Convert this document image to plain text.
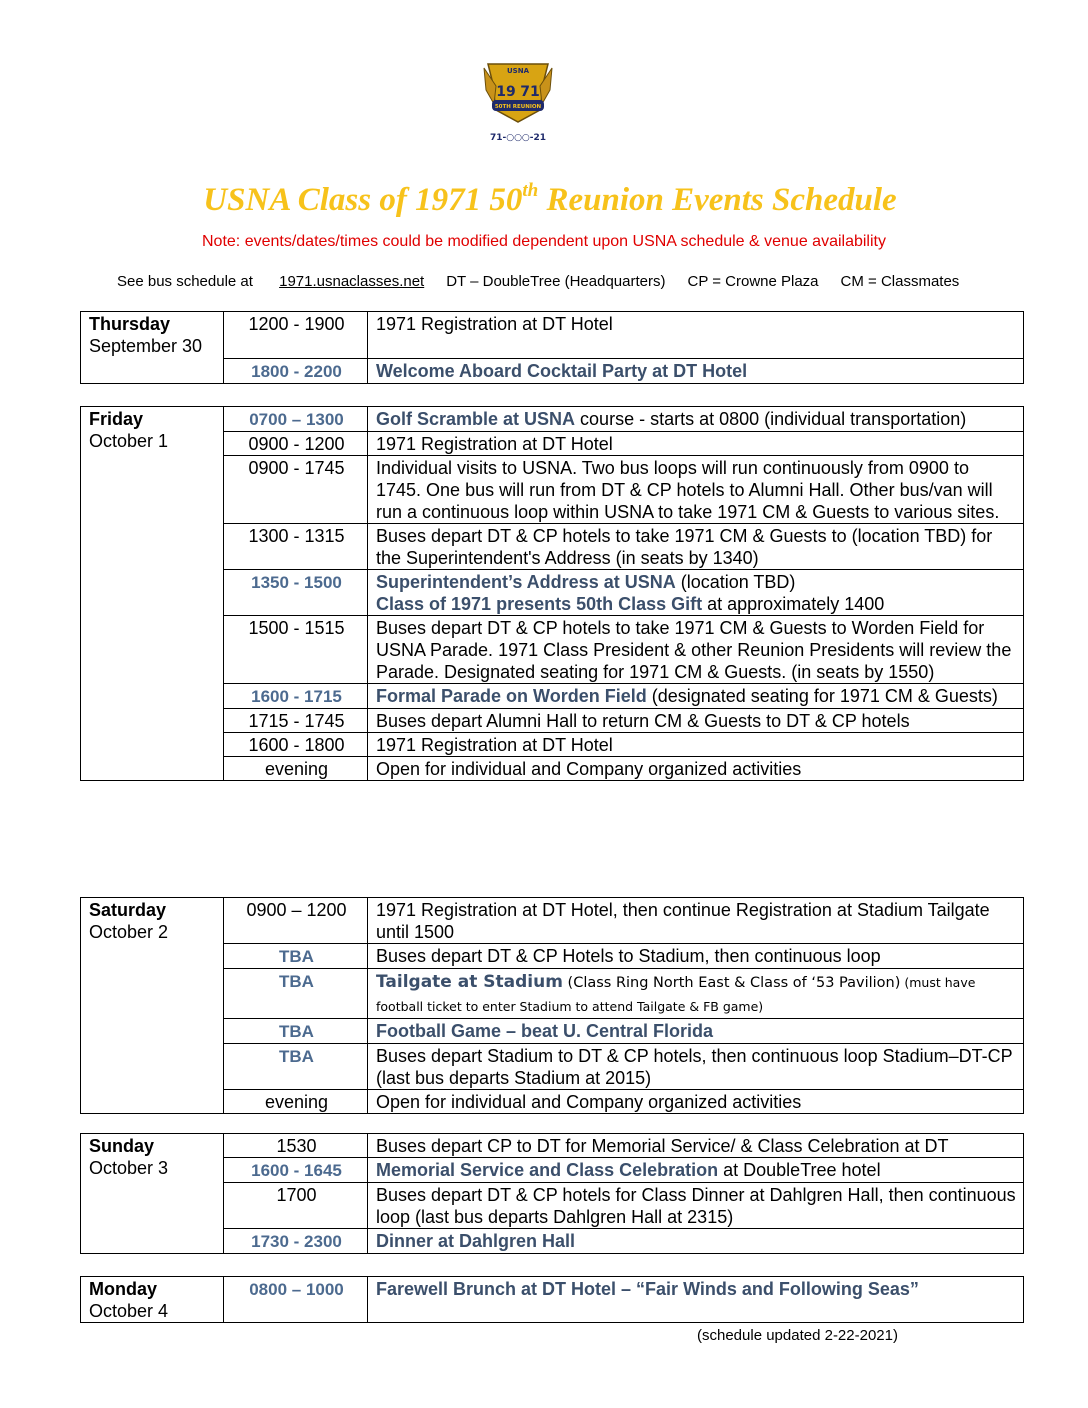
USNA
19 71
50TH REUNION
71-○○○-21
USNA Class of 1971 50th Reunion Events Schedule
Note: events/dates/times could be modified dependent upon USNA schedule & venue availability
See bus schedule at 1971.usnaclasses.net DT – DoubleTree (Headquarters) CP = Crowne Plaza CM = Classmates
Thursday
September 30	1200 - 1900	1971 Registration at DT Hotel
	1800 - 2200	Welcome Aboard Cocktail Party at DT Hotel
Friday
October 1	0700 – 1300	Golf Scramble at USNA course - starts at 0800 (individual transportation)
	0900 - 1200	1971 Registration at DT Hotel
	0900 - 1745	Individual visits to USNA. Two bus loops will run continuously from 0900 to 1745. One bus will run from DT & CP hotels to Alumni Hall. Other bus/van will run a continuous loop within USNA to take 1971 CM & Guests to various sites.
	1300 - 1315	Buses depart DT & CP hotels to take 1971 CM & Guests to (location TBD) for the Superintendent's Address (in seats by 1340)
	1350 - 1500	Superintendent’s Address at USNA (location TBD)
Class of 1971 presents 50th Class Gift at approximately 1400
	1500 - 1515	Buses depart DT & CP hotels to take 1971 CM & Guests to Worden Field for USNA Parade. 1971 Class President & other Reunion Presidents will review the Parade. Designated seating for 1971 CM & Guests. (in seats by 1550)
	1600 - 1715	Formal Parade on Worden Field (designated seating for 1971 CM & Guests)
	1715 - 1745	Buses depart Alumni Hall to return CM & Guests to DT & CP hotels
	1600 - 1800	1971 Registration at DT Hotel
	evening	Open for individual and Company organized activities
Saturday
October 2	0900 – 1200	1971 Registration at DT Hotel, then continue Registration at Stadium Tailgate until 1500
	TBA	Buses depart DT & CP Hotels to Stadium, then continuous loop
	TBA	Tailgate at Stadium (Class Ring North East & Class of ‘53 Pavilion) (must have football ticket to enter Stadium to attend Tailgate & FB game)
	TBA	Football Game – beat U. Central Florida
	TBA	Buses depart Stadium to DT & CP hotels, then continuous loop Stadium–DT-CP (last bus departs Stadium at 2015)
	evening	Open for individual and Company organized activities
Sunday
October 3	1530	Buses depart CP to DT for Memorial Service/ & Class Celebration at DT
	1600 - 1645	Memorial Service and Class Celebration at DoubleTree hotel
	1700	Buses depart DT & CP hotels for Class Dinner at Dahlgren Hall, then continuous loop (last bus departs Dahlgren Hall at 2315)
	1730 - 2300	Dinner at Dahlgren Hall
Monday
October 4
	0800 – 1000	Farewell Brunch at DT Hotel – “Fair Winds and Following Seas”
(schedule updated 2-22-2021)
